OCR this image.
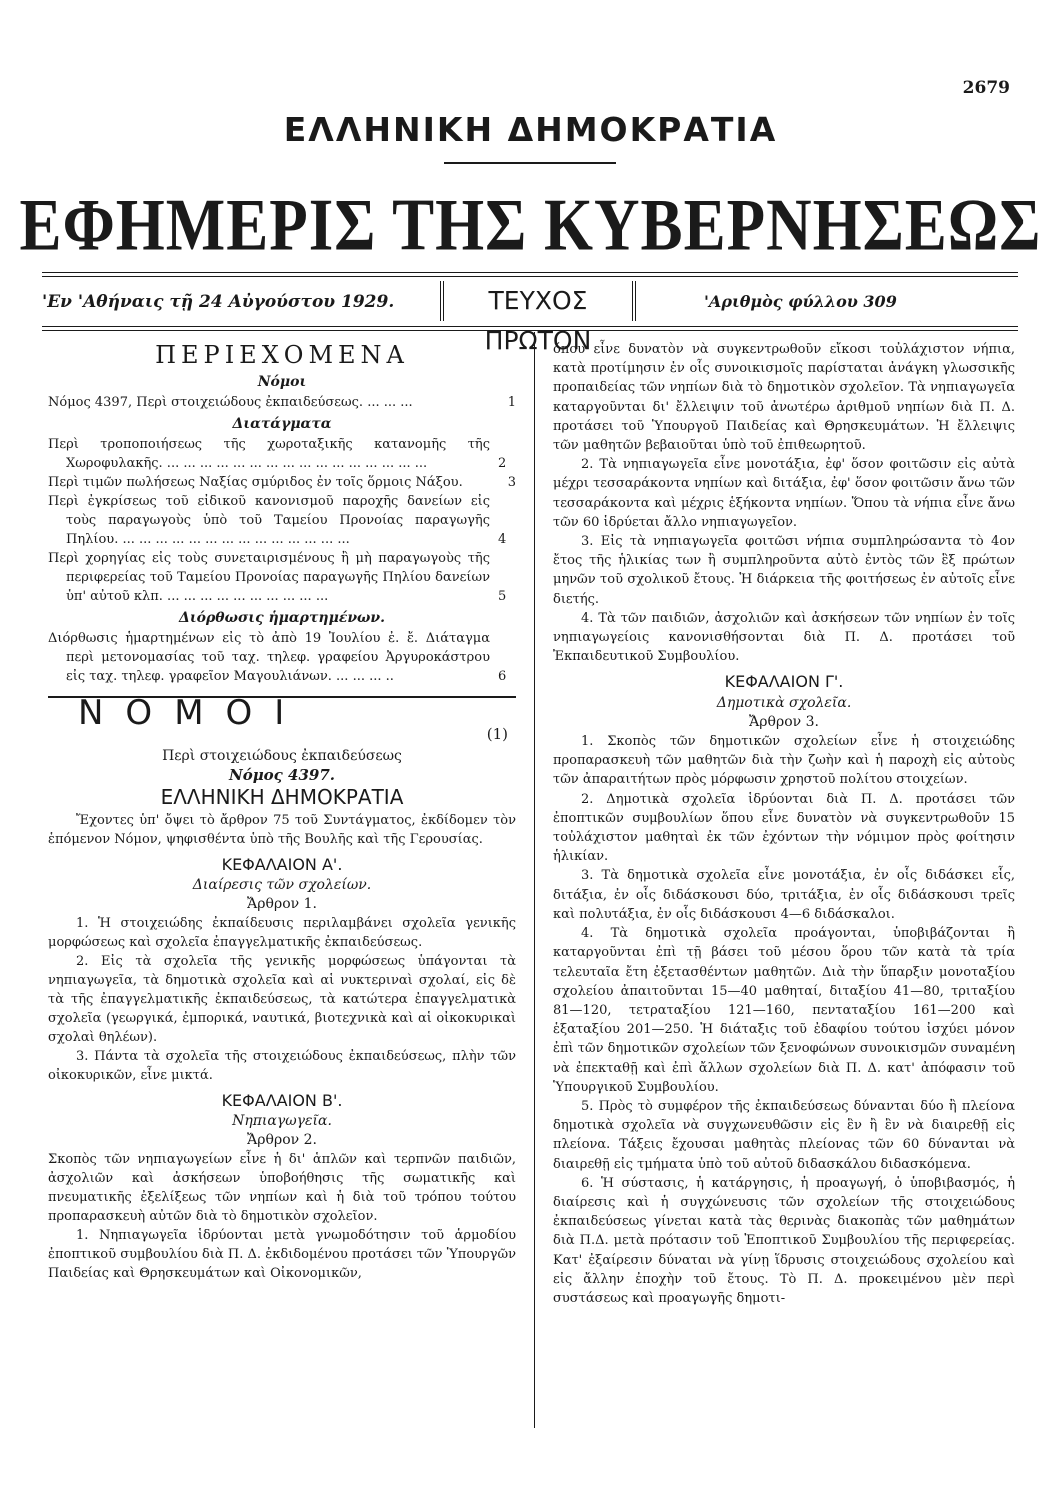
2679
ΕΛΛΗΝΙΚΗ ΔΗΜΟΚΡΑΤΙΑ
ΕΦΗΜΕΡΙΣ ΤΗΣ ΚΥΒΕΡΝΗΣΕΩΣ
'Εν 'Αθήναις τῇ 24 Αὐγούστου 1929.	ΤΕΥΧΟΣ ΠΡΩΤΟΝ
'Αριθμὸς φύλλου 309
ΠΕΡΙΕΧΟΜΕΝΑ
Νόμοι
Νόμος 4397, Περὶ στοιχειώδους ἐκπαιδεύσεως. ... ... ...	1
Διατάγματα
Περὶ τροποποιήσεως τῆς χωροταξικῆς κατανομῆς τῆς Χωροφυλακῆς. ... ... ... ... ... ... ... ... ... ... ... ... ... ... ... ...	2
Περὶ τιμῶν πωλήσεως Ναξίας σμύριδος ἐν τοῖς ὅρμοις Νάξου.	3
Περὶ ἐγκρίσεως τοῦ εἰδικοῦ κανονισμοῦ παροχῆς δανείων εἰς τοὺς παραγωγοὺς ὑπὸ τοῦ Ταμείου Προνοίας παραγωγῆς Πηλίου. ... ... ... ... ... ... ... ... ... ... ... ... ... ...	4
Περὶ χορηγίας εἰς τοὺς συνεταιρισμένους ἢ μὴ παραγωγοὺς τῆς περιφερείας τοῦ Ταμείου Προνοίας παραγωγῆς Πηλίου δανείων ὑπ' αὐτοῦ κλπ. ... ... ... ... ... ... ... ... ... ...	5
Διόρθωσις ἡμαρτημένων.
Διόρθωσις ἡμαρτημένων εἰς τὸ ἀπὸ 19 Ἰουλίου ἐ. ἔ. Διάταγμα περὶ μετονομασίας τοῦ ταχ. τηλεφ. γραφείου Ἀργυροκάστρου εἰς ταχ. τηλεφ. γραφεῖον Μαγουλιάνων. ... ... ... ..	6
ΝΟΜΟΙ
(1)
Περὶ στοιχειώδους ἐκπαιδεύσεως
Νόμος 4397.
ΕΛΛΗΝΙΚΗ ΔΗΜΟΚΡΑΤΙΑ

Ἔχοντες ὑπ' ὄψει τὸ ἄρθρον 75 τοῦ Συντάγματος, ἐκδίδομεν τὸν ἑπόμενον Νόμον, ψηφισθέντα ὑπὸ τῆς Βουλῆς καὶ τῆς Γερουσίας.

ΚΕΦΑΛΑΙΟΝ Α'.
Διαίρεσις τῶν σχολείων.
Ἄρθρον 1.

1. Ἡ στοιχειώδης ἐκπαίδευσις περιλαμβάνει σχολεῖα γενικῆς μορφώσεως καὶ σχολεῖα ἐπαγγελματικῆς ἐκπαιδεύσεως.

2. Εἰς τὰ σχολεῖα τῆς γενικῆς μορφώσεως ὑπάγονται τὰ νηπιαγωγεῖα, τὰ δημοτικὰ σχολεῖα καὶ αἱ νυκτεριναὶ σχολαί, εἰς δὲ τὰ τῆς ἐπαγγελματικῆς ἐκπαιδεύσεως, τὰ κατώτερα ἐπαγγελματικὰ σχολεῖα (γεωργικά, ἐμπορικά, ναυτικά, βιοτεχνικὰ καὶ αἱ οἰκοκυρικαὶ σχολαὶ θηλέων).

3. Πάντα τὰ σχολεῖα τῆς στοιχειώδους ἐκπαιδεύσεως, πλὴν τῶν οἰκοκυρικῶν, εἶνε μικτά.

ΚΕΦΑΛΑΙΟΝ Β'.
Νηπιαγωγεῖα.
Ἄρθρον 2.

Σκοπὸς τῶν νηπιαγωγείων εἶνε ἡ δι' ἁπλῶν καὶ τερπνῶν παιδιῶν, ἀσχολιῶν καὶ ἀσκήσεων ὑποβοήθησις τῆς σωματικῆς καὶ πνευματικῆς ἐξελίξεως τῶν νηπίων καὶ ἡ διὰ τοῦ τρόπου τούτου προπαρασκευὴ αὐτῶν διὰ τὸ δημοτικὸν σχολεῖον.

1. Νηπιαγωγεῖα ἱδρύονται μετὰ γνωμοδότησιν τοῦ ἁρμοδίου ἐποπτικοῦ συμβουλίου διὰ Π. Δ. ἐκδιδομένου προτάσει τῶν Ὑπουργῶν Παιδείας καὶ Θρησκευμάτων καὶ Οἰκονομικῶν,

ὅπου εἶνε δυνατὸν νὰ συγκεντρωθοῦν εἴκοσι τοὐλάχιστον νήπια, κατὰ προτίμησιν ἐν οἷς συνοικισμοῖς παρίσταται ἀνάγκη γλωσσικῆς προπαιδείας τῶν νηπίων διὰ τὸ δημοτικὸν σχολεῖον. Τὰ νηπιαγωγεῖα καταργοῦνται δι' ἔλλειψιν τοῦ ἀνωτέρω ἀριθμοῦ νηπίων διὰ Π. Δ. προτάσει τοῦ Ὑπουργοῦ Παιδείας καὶ Θρησκευμάτων. Ἡ ἔλλειψις τῶν μαθητῶν βεβαιοῦται ὑπὸ τοῦ ἐπιθεωρητοῦ.

2. Τὰ νηπιαγωγεῖα εἶνε μονοτάξια, ἐφ' ὅσον φοιτῶσιν εἰς αὐτὰ μέχρι τεσσαράκοντα νηπίων καὶ διτάξια, ἐφ' ὅσον φοιτῶσιν ἄνω τῶν τεσσαράκοντα καὶ μέχρις ἑξήκοντα νηπίων. Ὅπου τὰ νήπια εἶνε ἄνω τῶν 60 ἱδρύεται ἄλλο νηπιαγωγεῖον.

3. Εἰς τὰ νηπιαγωγεῖα φοιτῶσι νήπια συμπληρώσαντα τὸ 4ον ἔτος τῆς ἡλικίας των ἢ συμπληροῦντα αὐτὸ ἐντὸς τῶν ἓξ πρώτων μηνῶν τοῦ σχολικοῦ ἔτους. Ἡ διάρκεια τῆς φοιτήσεως ἐν αὐτοῖς εἶνε διετής.

4. Τὰ τῶν παιδιῶν, ἀσχολιῶν καὶ ἀσκήσεων τῶν νηπίων ἐν τοῖς νηπιαγωγείοις κανονισθήσονται διὰ Π. Δ. προτάσει τοῦ Ἐκπαιδευτικοῦ Συμβουλίου.

ΚΕΦΑΛΑΙΟΝ Γ'.
Δημοτικὰ σχολεῖα.
Ἄρθρον 3.

1. Σκοπὸς τῶν δημοτικῶν σχολείων εἶνε ἡ στοιχειώδης προπαρασκευὴ τῶν μαθητῶν διὰ τὴν ζωὴν καὶ ἡ παροχὴ εἰς αὐτοὺς τῶν ἀπαραιτήτων πρὸς μόρφωσιν χρηστοῦ πολίτου στοιχείων.

2. Δημοτικὰ σχολεῖα ἱδρύονται διὰ Π. Δ. προτάσει τῶν ἐποπτικῶν συμβουλίων ὅπου εἶνε δυνατὸν νὰ συγκεντρωθοῦν 15 τοὐλάχιστον μαθηταὶ ἐκ τῶν ἐχόντων τὴν νόμιμον πρὸς φοίτησιν ἡλικίαν.

3. Τὰ δημοτικὰ σχολεῖα εἶνε μονοτάξια, ἐν οἷς διδάσκει εἷς, διτάξια, ἐν οἷς διδάσκουσι δύο, τριτάξια, ἐν οἷς διδάσκουσι τρεῖς καὶ πολυτάξια, ἐν οἷς διδάσκουσι 4—6 διδάσκαλοι.

4. Τὰ δημοτικὰ σχολεῖα προάγονται, ὑποβιβάζονται ἢ καταργοῦνται ἐπὶ τῇ βάσει τοῦ μέσου ὅρου τῶν κατὰ τὰ τρία τελευταῖα ἔτη ἐξετασθέντων μαθητῶν. Διὰ τὴν ὕπαρξιν μονοταξίου σχολείου ἀπαιτοῦνται 15—40 μαθηταί, διταξίου 41—80, τριταξίου 81—120, τετραταξίου 121—160, πενταταξίου 161—200 καὶ ἑξαταξίου 201—250. Ἡ διάταξις τοῦ ἐδαφίου τούτου ἰσχύει μόνον ἐπὶ τῶν δημοτικῶν σχολείων τῶν ξενοφώνων συνοικισμῶν συναμένη νὰ ἐπεκταθῇ καὶ ἐπὶ ἄλλων σχολείων διὰ Π. Δ. κατ' ἀπόφασιν τοῦ Ὑπουργικοῦ Συμβουλίου.

5. Πρὸς τὸ συμφέρον τῆς ἐκπαιδεύσεως δύνανται δύο ἢ πλείονα δημοτικὰ σχολεῖα νὰ συγχωνευθῶσιν εἰς ἓν ἢ ἓν νὰ διαιρεθῇ εἰς πλείονα. Τάξεις ἔχουσαι μαθητὰς πλείονας τῶν 60 δύνανται νὰ διαιρεθῇ εἰς τμήματα ὑπὸ τοῦ αὐτοῦ διδασκάλου διδασκόμενα.

6. Ἡ σύστασις, ἡ κατάργησις, ἡ προαγωγή, ὁ ὑποβιβασμός, ἡ διαίρεσις καὶ ἡ συγχώνευσις τῶν σχολείων τῆς στοιχειώδους ἐκπαιδεύσεως γίνεται κατὰ τὰς θερινὰς διακοπὰς τῶν μαθημάτων διὰ Π.Δ. μετὰ πρότασιν τοῦ Ἐποπτικοῦ Συμβουλίου τῆς περιφερείας. Κατ' ἐξαίρεσιν δύναται νὰ γίνῃ ἵδρυσις στοιχειώδους σχολείου καὶ εἰς ἄλλην ἐποχὴν τοῦ ἔτους. Τὸ Π. Δ. προκειμένου μὲν περὶ συστάσεως καὶ προαγωγῆς δημοτι-
